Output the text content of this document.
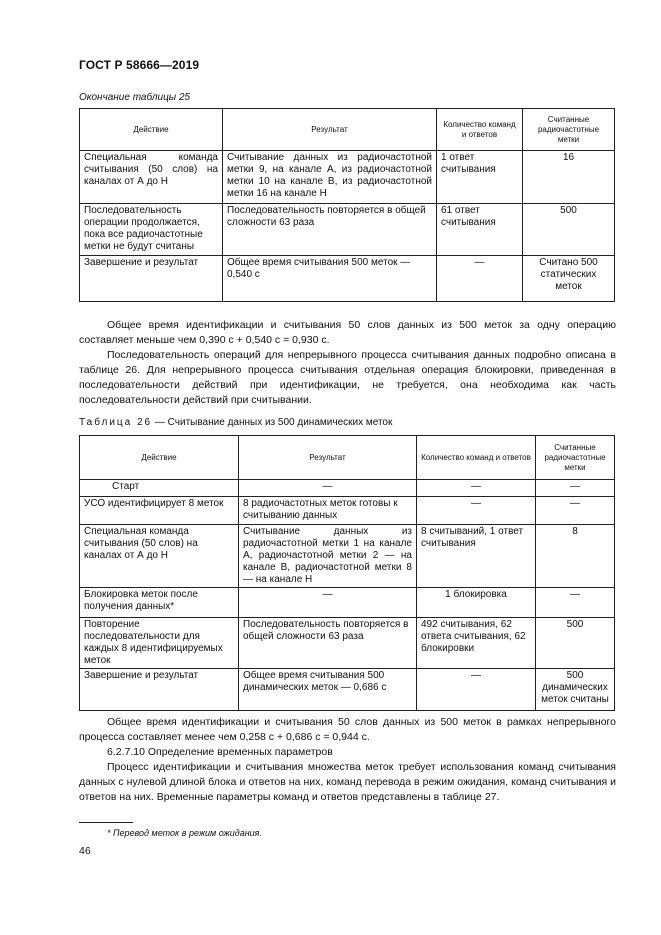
ГОСТ Р 58666—2019
Окончание таблицы 25
Действие	Результат	Количество команд и ответов	Считанные радиочастотные метки
Специальная команда считывания (50 слов) на каналах от А до Н	Считывание данных из радиочастотной метки 9, на канале А, из радиочастотной метки 10 на канале В, из радиочастотной метки 16 на канале Н	1 ответ считывания	16
Последовательность операции продолжается, пока все радиочастотные метки не будут считаны	Последовательность повторяется в общей сложности 63 раза	61 ответ считывания	500
Завершение и результат	Общее время считывания 500 меток — 0,540 с	—	Считано 500 статических меток
Общее время идентификации и считывания 50 слов данных из 500 меток за одну операцию составляет меньше чем 0,390 с + 0,540 с = 0,930 с.
Последовательность операций для непрерывного процесса считывания данных подробно описана в таблице 26. Для непрерывного процесса считывания отдельная операция блокировки, приведенная в последовательности действий при идентификации, не требуется, она необходима как часть последовательности действий при считывании.
Таблица 26 — Считывание данных из 500 динамических меток
Действие	Результат	Количество команд и ответов	Считанные радиочастотные метки
Старт	—	—	—
УСО идентифицирует 8 меток	8 радиочастотных меток готовы к считыванию данных	—	—
Специальная команда считывания (50 слов) на каналах от А до Н	Считывание данных из радиочастотной метки 1 на канале А, радиочастотной метки 2 — на канале В, радиочастотной метки 8 — на канале Н	8 считываний, 1 ответ считывания	8
Блокировка меток после получения данных*	—	1 блокировка	—
Повторение последовательности для каждых 8 идентифицируемых меток	Последовательность повторяется в общей сложности 63 раза	492 считывания, 62 ответа считывания, 62 блокировки	500
Завершение и результат	Общее время считывания 500 динамических меток — 0,686 с	—	500 динамических меток считаны
Общее время идентификации и считывания 50 слов данных из 500 меток в рамках непрерывного процесса составляет менее чем 0,258 с + 0,686 с = 0,944 с.
6.2.7.10 Определение временных параметров
Процесс идентификации и считывания множества меток требует использования команд считывания данных с нулевой длиной блока и ответов на них, команд перевода в режим ожидания, команд считывания и ответов на них. Временные параметры команд и ответов представлены в таблице 27.
* Перевод меток в режим ожидания.
46
